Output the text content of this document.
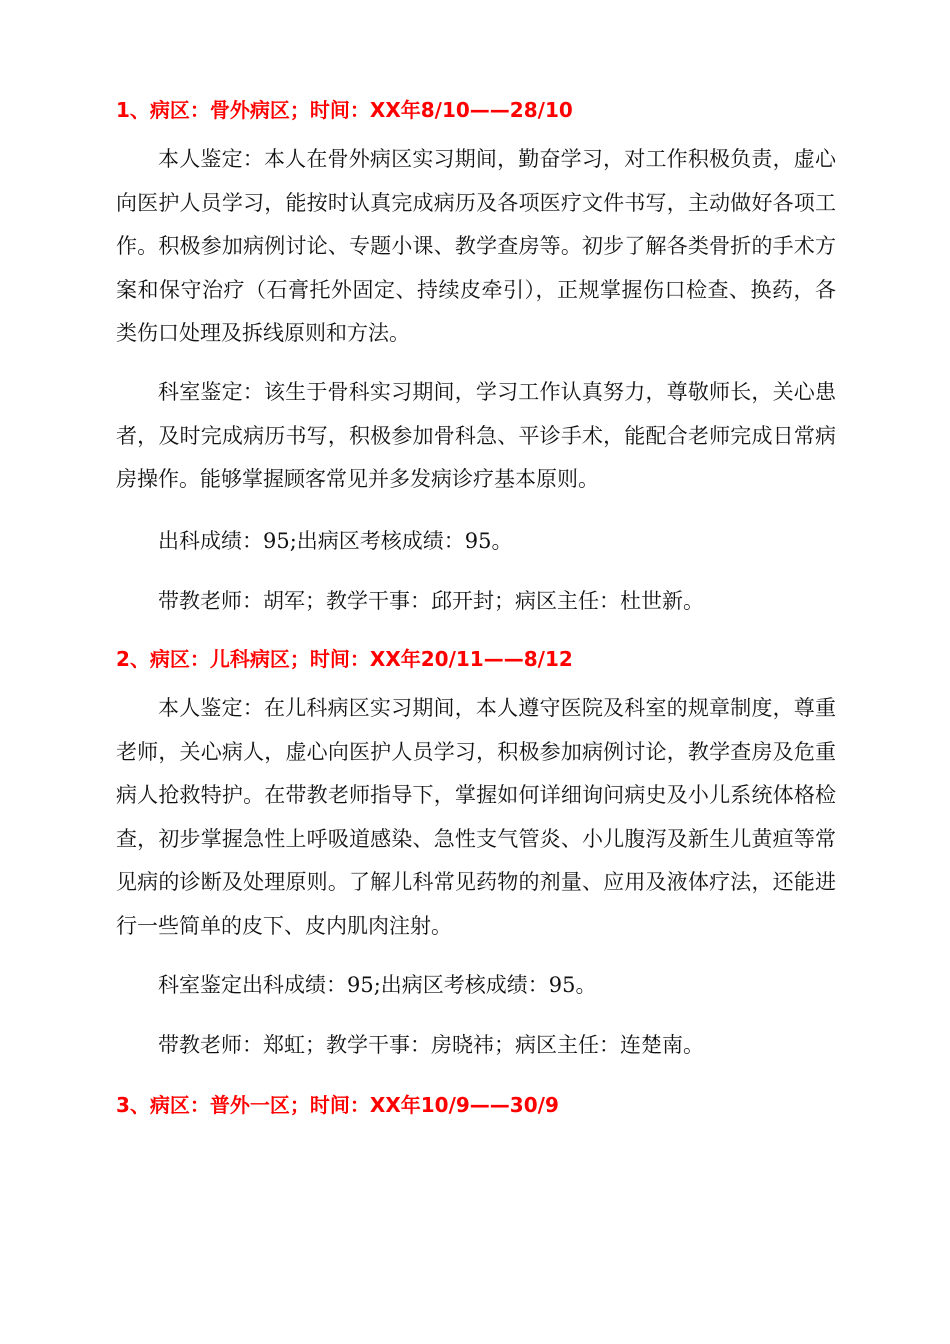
1、病区：骨外病区；时间：XX年8/10——28/10

本人鉴定：本人在骨外病区实习期间，勤奋学习，对工作积极负责，虚心向医护人员学习，能按时认真完成病历及各项医疗文件书写，主动做好各项工作。积极参加病例讨论、专题小课、教学查房等。初步了解各类骨折的手术方案和保守治疗（石膏托外固定、持续皮牵引），正规掌握伤口检查、换药，各类伤口处理及拆线原则和方法。

科室鉴定：该生于骨科实习期间，学习工作认真努力，尊敬师长，关心患者，及时完成病历书写，积极参加骨科急、平诊手术，能配合老师完成日常病房操作。能够掌握顾客常见并多发病诊疗基本原则。

出科成绩：95;出病区考核成绩：95。
带教老师：胡军；教学干事：邱开封；病区主任：杜世新。
2、病区：儿科病区；时间：XX年20/11——8/12

本人鉴定：在儿科病区实习期间，本人遵守医院及科室的规章制度，尊重老师，关心病人，虚心向医护人员学习，积极参加病例讨论，教学查房及危重病人抢救特护。在带教老师指导下，掌握如何详细询问病史及小儿系统体格检查，初步掌握急性上呼吸道感染、急性支气管炎、小儿腹泻及新生儿黄疸等常见病的诊断及处理原则。了解儿科常见药物的剂量、应用及液体疗法，还能进行一些简单的皮下、皮内肌肉注射。

科室鉴定出科成绩：95;出病区考核成绩：95。
带教老师：郑虹；教学干事：房晓祎；病区主任：连楚南。
3、病区：普外一区；时间：XX年10/9——30/9
